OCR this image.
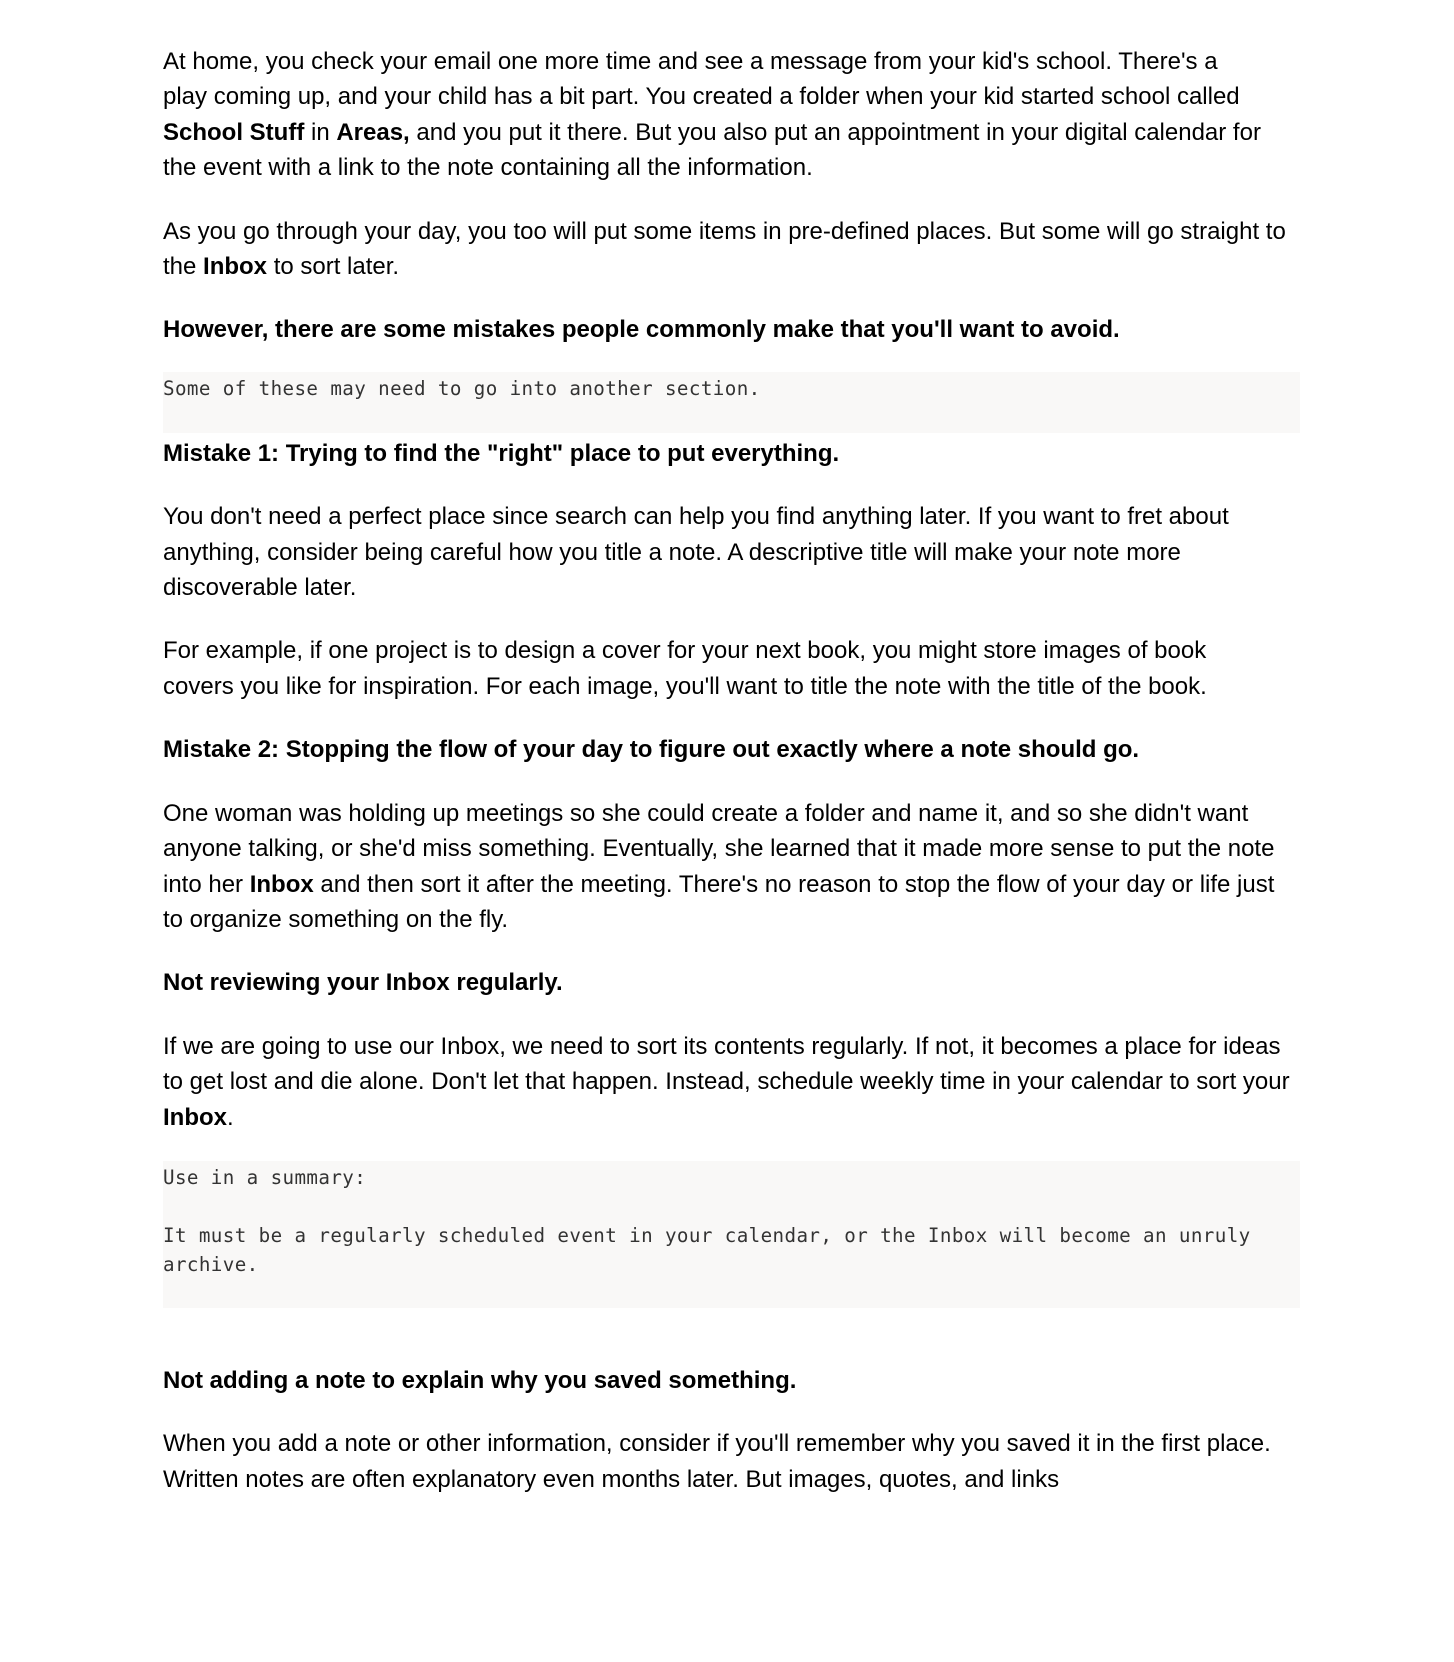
At home, you check your email one more time and see a message from your kid's school. There's a play coming up, and your child has a bit part. You created a folder when your kid started school called School Stuff in Areas, and you put it there. But you also put an appointment in your digital calendar for the event with a link to the note containing all the information.

As you go through your day, you too will put some items in pre-defined places. But some will go straight to the Inbox to sort later.

However, there are some mistakes people commonly make that you'll want to avoid.

Some of these may need to go into another section.

Mistake 1: Trying to find the "right" place to put everything.

You don't need a perfect place since search can help you find anything later. If you want to fret about anything, consider being careful how you title a note. A descriptive title will make your note more discoverable later.

For example, if one project is to design a cover for your next book, you might store images of book covers you like for inspiration. For each image, you'll want to title the note with the title of the book.

Mistake 2: Stopping the flow of your day to figure out exactly where a note should go.

One woman was holding up meetings so she could create a folder and name it, and so she didn't want anyone talking, or she'd miss something. Eventually, she learned that it made more sense to put the note into her Inbox and then sort it after the meeting. There's no reason to stop the flow of your day or life just to organize something on the fly.

Not reviewing your Inbox regularly.

If we are going to use our Inbox, we need to sort its contents regularly. If not, it becomes a place for ideas to get lost and die alone. Don't let that happen. Instead, schedule weekly time in your calendar to sort your Inbox.

Use in a summary:
It must be a regularly scheduled event in your calendar, or the Inbox will become an unruly archive.

Not adding a note to explain why you saved something.

When you add a note or other information, consider if you'll remember why you saved it in the first place. Written notes are often explanatory even months later. But images, quotes, and links
